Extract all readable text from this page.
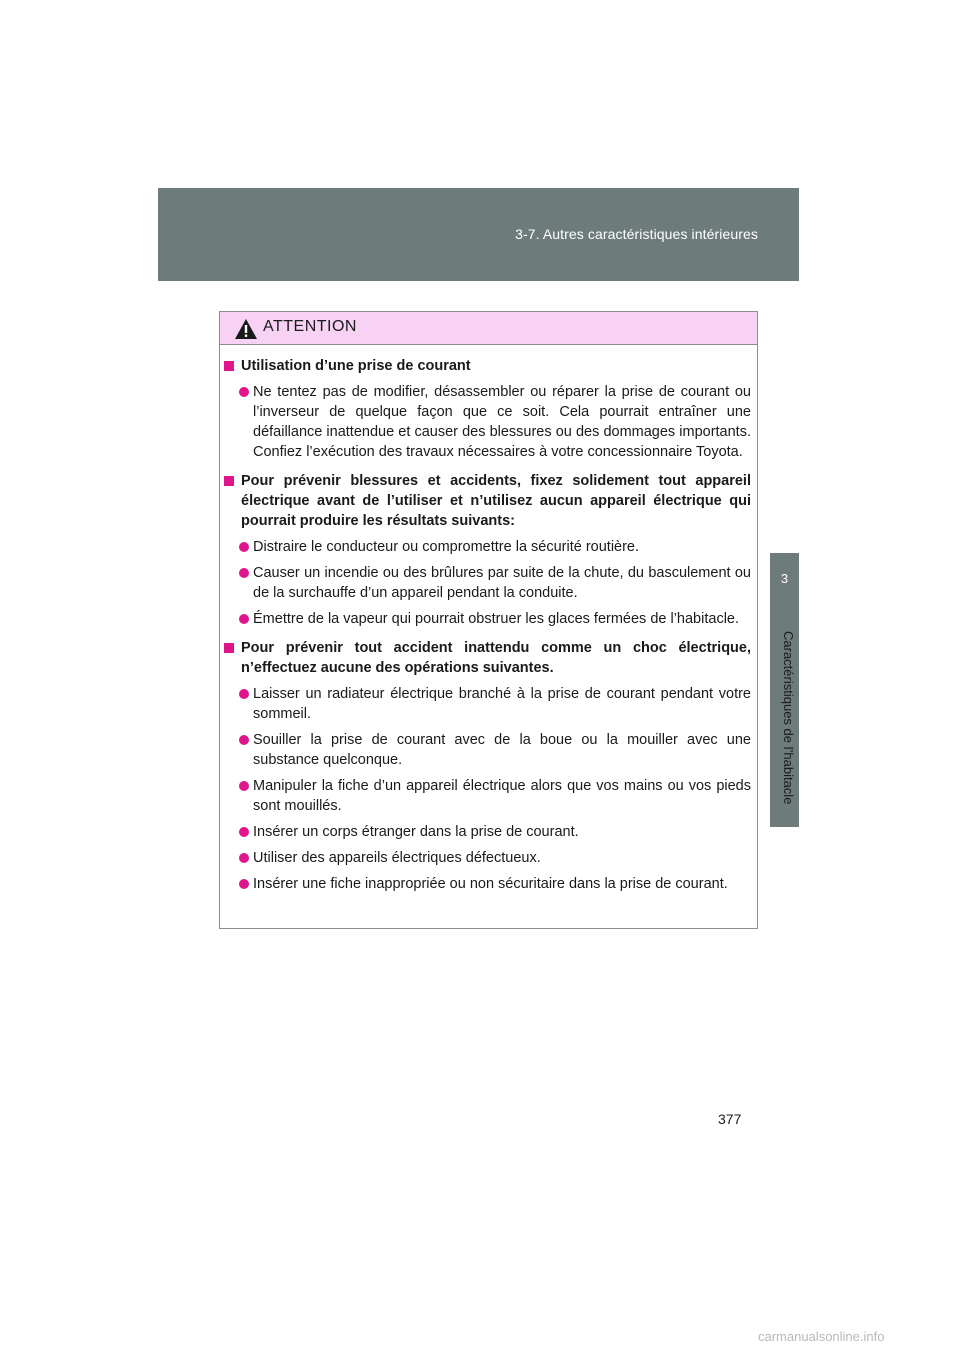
3-7. Autres caractéristiques intérieures
3
Caractéristiques de l’habitacle
ATTENTION
Utilisation d’une prise de courant
Ne tentez pas de modifier, désassembler ou réparer la prise de courant ou l’inverseur de quelque façon que ce soit. Cela pourrait entraîner une défaillance inattendue et causer des blessures ou des dommages importants. Confiez l’exécution des travaux nécessaires à votre concessionnaire Toyota.
Pour prévenir blessures et accidents, fixez solidement tout appareil électrique avant de l’utiliser et n’utilisez aucun appareil électrique qui pourrait produire les résultats suivants:
Distraire le conducteur ou compromettre la sécurité routière.
Causer un incendie ou des brûlures par suite de la chute, du basculement ou de la surchauffe d’un appareil pendant la conduite.
Émettre de la vapeur qui pourrait obstruer les glaces fermées de l’habitacle.
Pour prévenir tout accident inattendu comme un choc électrique, n’effectuez aucune des opérations suivantes.
Laisser un radiateur électrique branché à la prise de courant pendant votre sommeil.
Souiller la prise de courant avec de la boue ou la mouiller avec une substance quelconque.
Manipuler la fiche d’un appareil électrique alors que vos mains ou vos pieds sont mouillés.
Insérer un corps étranger dans la prise de courant.
Utiliser des appareils électriques défectueux.
Insérer une fiche inappropriée ou non sécuritaire dans la prise de courant.
377
carmanualsonline.info
